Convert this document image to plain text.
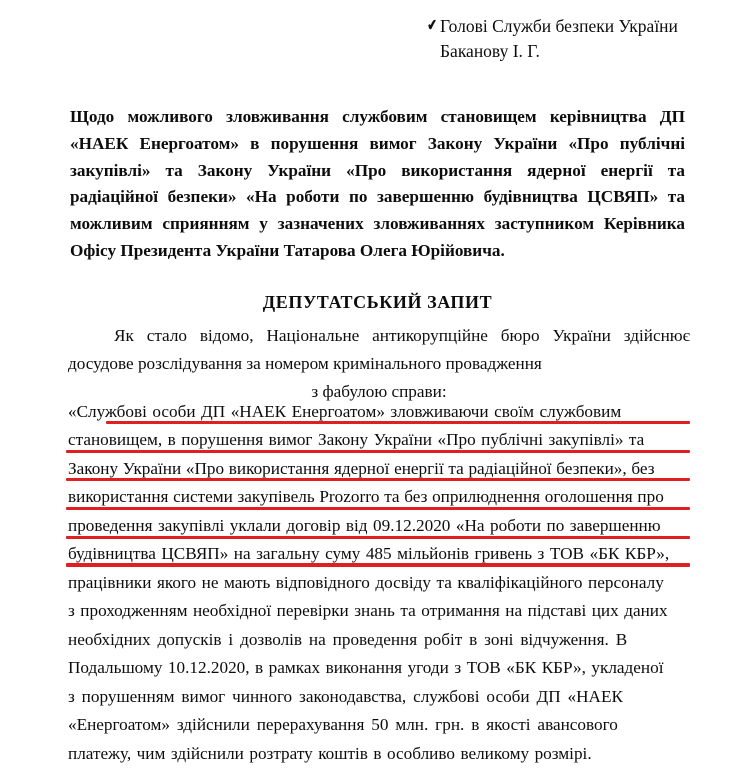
✔ Голові Служби безпеки України
Баканову І. Г.
Щодо можливого зловживання службовим становищем керівництва ДП «НАЕК Енергоатом» в порушення вимог Закону України «Про публічні закупівлі» та Закону України «Про використання ядерної енергії та радіаційної безпеки» «На роботи по завершенню будівництва ЦСВЯП» та можливим сприянням у зазначених зловживаннях заступником Керівника Офісу Президента України Татарова Олега Юрійовича.
ДЕПУТАТСЬКИЙ ЗАПИТ
Як стало відомо, Національне антикорупційне бюро України здійснює досудове розслідування за номером кримінального провадження
з фабулою справи:
«Службові особи ДП «НАЕК Енергоатом» зловживаючи своїм службовим
становищем, в порушення вимог Закону України «Про публічні закупівлі» та
Закону України «Про використання ядерної енергії та радіаційної безпеки», без
використання системи закупівель Prozorro та без оприлюднення оголошення про
проведення закупівлі уклали договір від 09.12.2020 «На роботи по завершенню
будівництва ЦСВЯП» на загальну суму 485 мільйонів гривень з ТОВ «БК КБР»,
працівники якого не мають відповідного досвіду та кваліфікаційного персоналу
з проходженням необхідної перевірки знань та отримання на підставі цих даних
необхідних допусків і дозволів на проведення робіт в зоні відчуження. В
Подальшому 10.12.2020, в рамках виконання угоди з ТОВ «БК КБР», укладеної
з порушенням вимог чинного законодавства, службові особи ДП «НАЕК
«Енергоатом» здійснили перерахування 50 млн. грн. в якості авансового
платежу, чим здійснили розтрату коштів в особливо великому розмірі.
